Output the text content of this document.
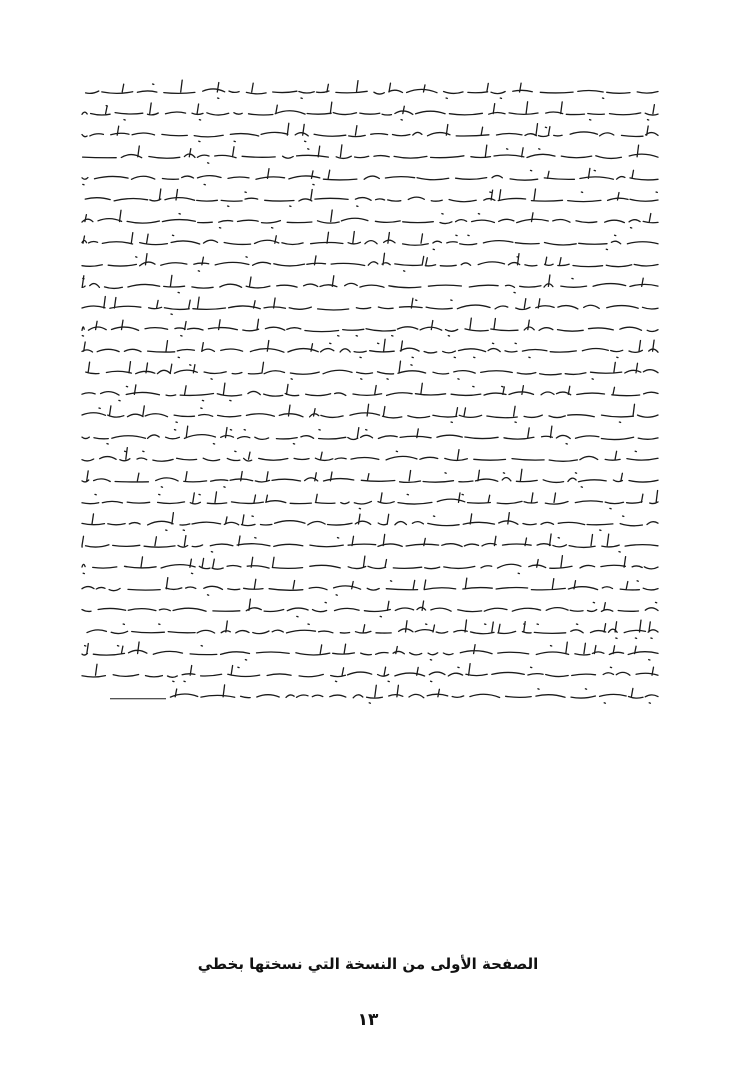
الصفحة الأولى من النسخة التي نسختها بخطي
١٣
